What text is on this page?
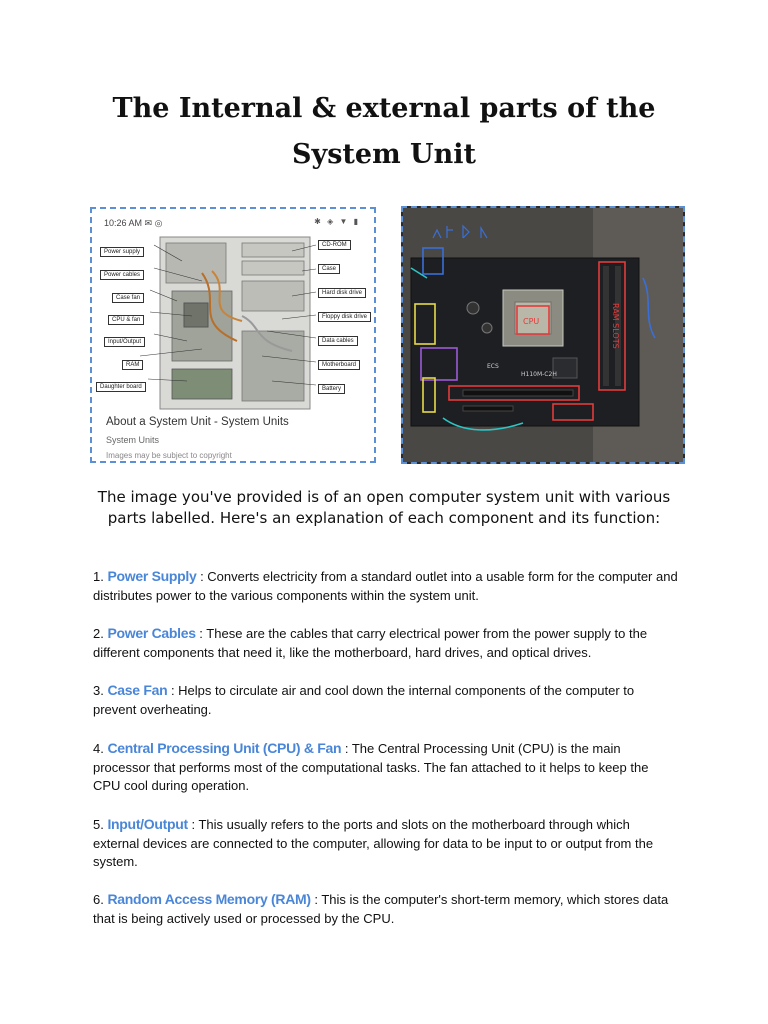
The Internal & external parts of the
System Unit
10:26 AM ✉ ◎	✱ ◈ ▼ ▮
Power supply
Power cables
Case fan
CPU & fan
Input/Output
RAM
Daughter board
CD-ROM
Case
Hard disk drive
Floppy disk drive
Data cables
Motherboard
Battery
About a System Unit - System Units
System Units
Images may be subject to copyright
RAM SLOTS
H110M-C2H
ECS
CPU
The image you've provided is of an open computer system unit with various parts labelled. Here's an explanation of each component and its function:
1. Power Supply : Converts electricity from a standard outlet into a usable form for the computer and distributes power to the various components within the system unit.
2. Power Cables : These are the cables that carry electrical power from the power supply to the different components that need it, like the motherboard, hard drives, and optical drives.
3. Case Fan : Helps to circulate air and cool down the internal components of the computer to prevent overheating.
4. Central Processing Unit (CPU) & Fan : The Central Processing Unit (CPU) is the main processor that performs most of the computational tasks. The fan attached to it helps to keep the CPU cool during operation.
5. Input/Output : This usually refers to the ports and slots on the motherboard through which external devices are connected to the computer, allowing for data to be input to or output from the system.
6. Random Access Memory (RAM) : This is the computer's short-term memory, which stores data that is being actively used or processed by the CPU.
